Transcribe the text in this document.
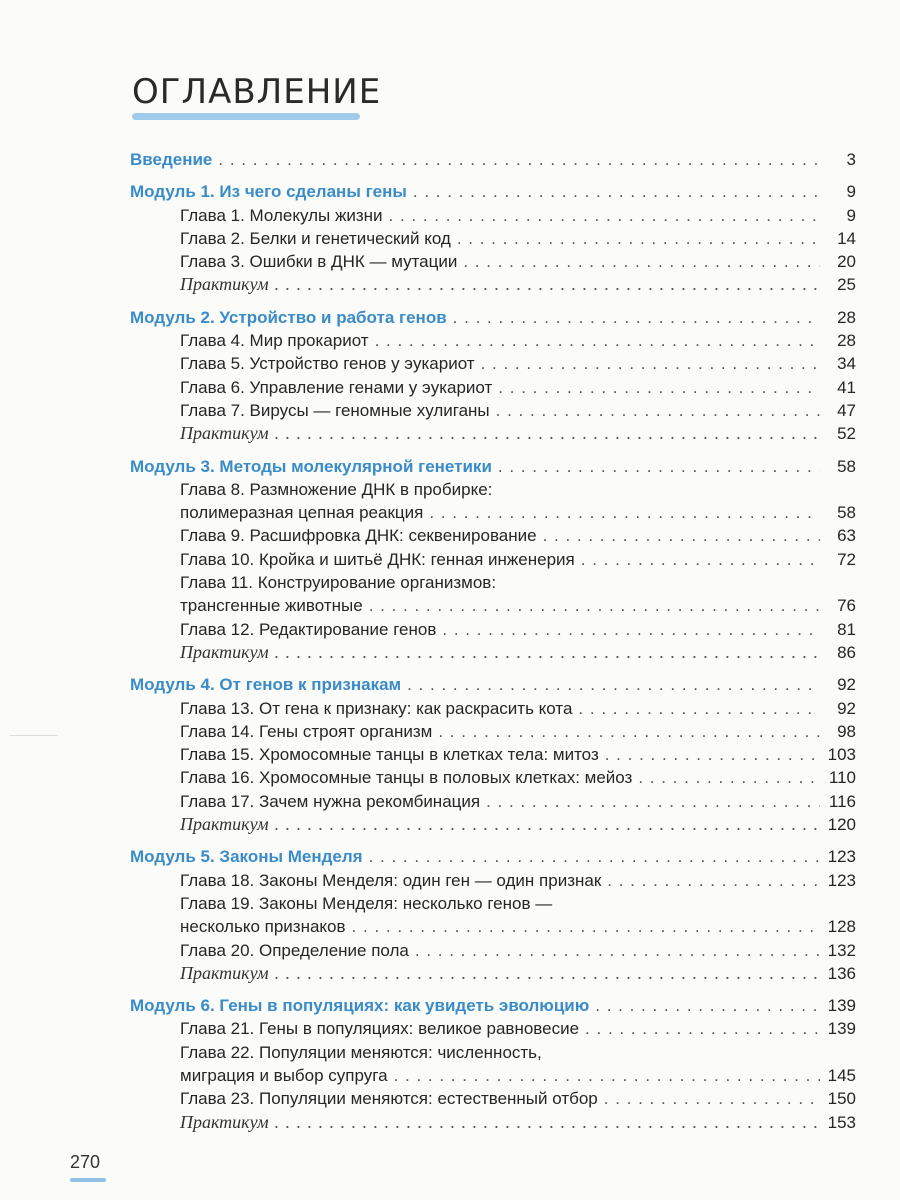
ОГЛАВЛЕНИЕ
Введение . . .	3
Модуль 1. Из чего сделаны гены . . .	9
Глава 1. Молекулы жизни . . .	9
Глава 2. Белки и генетический код . . .	14
Глава 3. Ошибки в ДНК — мутации . . .	20
Практикум . . .	25
Модуль 2. Устройство и работа генов . . .	28
Глава 4. Мир прокариот . . .	28
Глава 5. Устройство генов у эукариот . . .	34
Глава 6. Управление генами у эукариот . . .	41
Глава 7. Вирусы — геномные хулиганы . . .	47
Практикум . . .	52
Модуль 3. Методы молекулярной генетики . . .	58
Глава 8. Размножение ДНК в пробирке:
полимеразная цепная реакция . . .	58
Глава 9. Расшифровка ДНК: секвенирование . . .	63
Глава 10. Кройка и шитьё ДНК: генная инженерия . . .	72
Глава 11. Конструирование организмов:
трансгенные животные . . .	76
Глава 12. Редактирование генов . . .	81
Практикум . . .	86
Модуль 4. От генов к признакам . . .	92
Глава 13. От гена к признаку: как раскрасить кота . . .	92
Глава 14. Гены строят организм . . .	98
Глава 15. Хромосомные танцы в клетках тела: митоз . . .	103
Глава 16. Хромосомные танцы в половых клетках: мейоз . . .	110
Глава 17. Зачем нужна рекомбинация . . .	116
Практикум . . .	120
Модуль 5. Законы Менделя . . .	123
Глава 18. Законы Менделя: один ген — один признак . . .	123
Глава 19. Законы Менделя: несколько генов —
несколько признаков . . .	128
Глава 20. Определение пола . . .	132
Практикум . . .	136
Модуль 6. Гены в популяциях: как увидеть эволюцию . . .	139
Глава 21. Гены в популяциях: великое равновесие . . .	139
Глава 22. Популяции меняются: численность,
миграция и выбор супруга . . .	145
Глава 23. Популяции меняются: естественный отбор . . .	150
Практикум . . .	153
270
